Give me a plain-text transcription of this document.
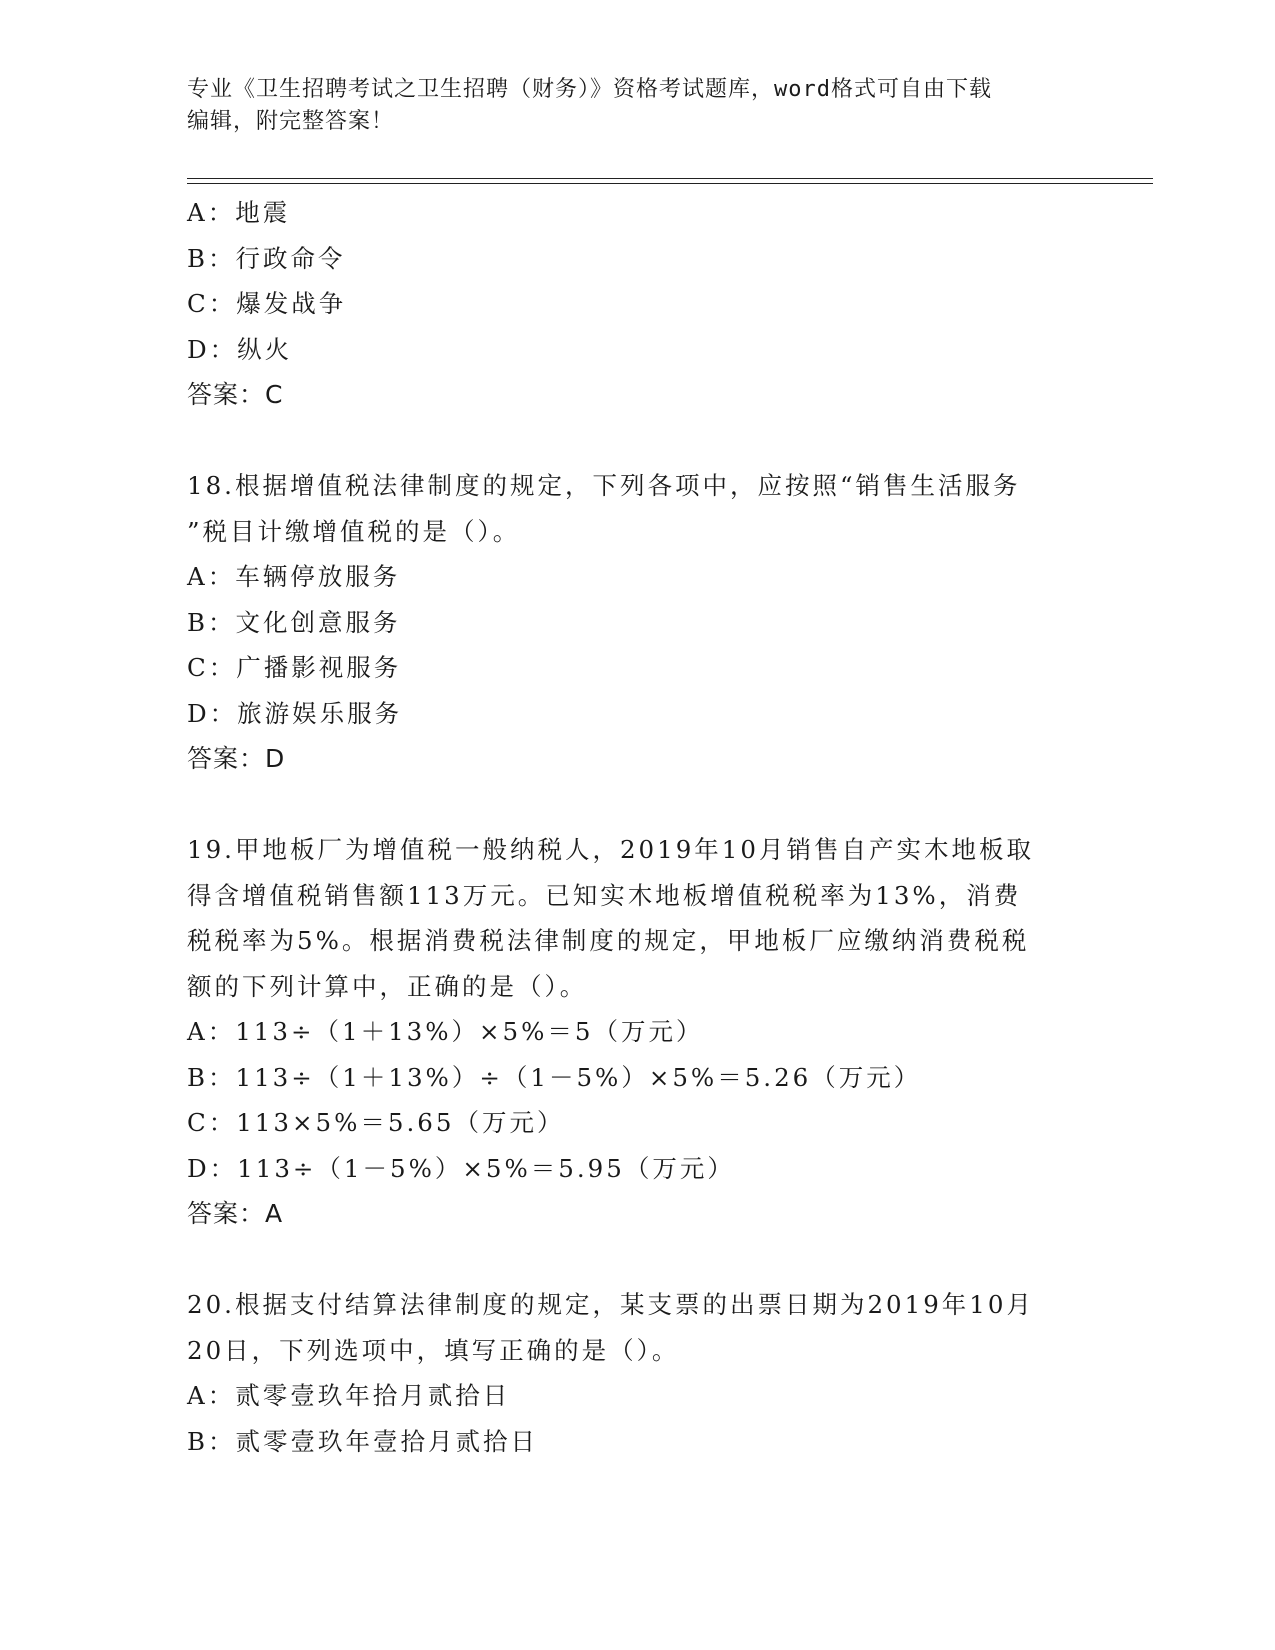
专业《卫生招聘考试之卫生招聘（财务）》资格考试题库，word格式可自由下载
编辑，附完整答案！
A：地震
B：行政命令
C：爆发战争
D：纵火
答案：C
18.根据增值税法律制度的规定，下列各项中，应按照“销售生活服务
”税目计缴增值税的是（）。
A：车辆停放服务
B：文化创意服务
C：广播影视服务
D：旅游娱乐服务
答案：D
19.甲地板厂为增值税一般纳税人，2019年10月销售自产实木地板取
得含增值税销售额113万元。已知实木地板增值税税率为13%，消费
税税率为5%。根据消费税法律制度的规定，甲地板厂应缴纳消费税税
额的下列计算中，正确的是（）。
A：113÷（1＋13%）×5%＝5（万元）
B：113÷（1＋13%）÷（1－5%）×5%＝5.26（万元）
C：113×5%＝5.65（万元）
D：113÷（1－5%）×5%＝5.95（万元）
答案：A
20.根据支付结算法律制度的规定，某支票的出票日期为2019年10月
20日，下列选项中，填写正确的是（）。
A：贰零壹玖年拾月贰拾日
B：贰零壹玖年壹拾月贰拾日
